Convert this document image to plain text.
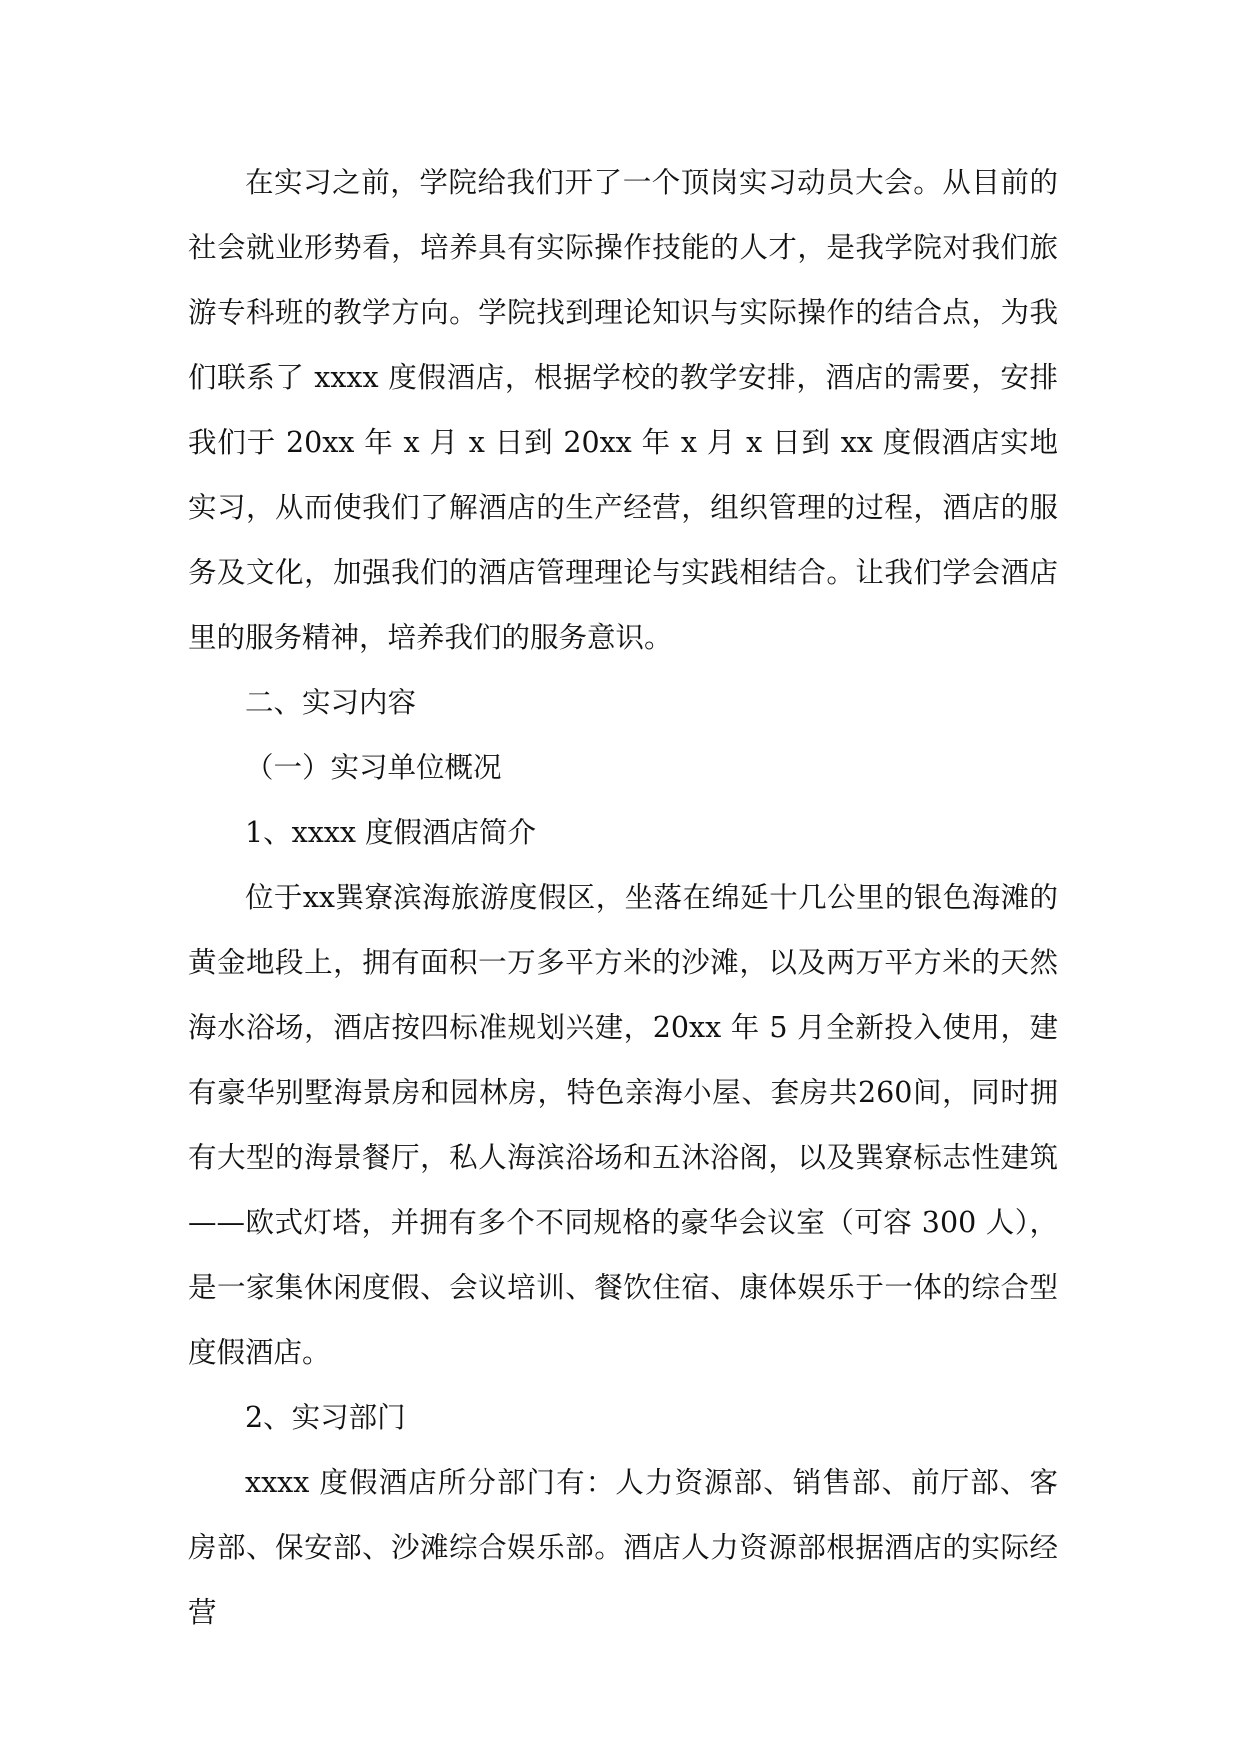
在实习之前，学院给我们开了一个顶岗实习动员大会。从目前的社会就业形势看，培养具有实际操作技能的人才，是我学院对我们旅游专科班的教学方向。学院找到理论知识与实际操作的结合点，为我们联系了 xxxx 度假酒店，根据学校的教学安排，酒店的需要，安排我们于 20xx 年 x 月 x 日到 20xx 年 x 月 x 日到 xx 度假酒店实地实习，从而使我们了解酒店的生产经营，组织管理的过程，酒店的服务及文化，加强我们的酒店管理理论与实践相结合。让我们学会酒店里的服务精神，培养我们的服务意识。

二、实习内容

（一）实习单位概况

1、xxxx 度假酒店简介

位于xx巽寮滨海旅游度假区，坐落在绵延十几公里的银色海滩的黄金地段上，拥有面积一万多平方米的沙滩，以及两万平方米的天然海水浴场，酒店按四标准规划兴建，20xx 年 5 月全新投入使用，建有豪华别墅海景房和园林房，特色亲海小屋、套房共260间，同时拥有大型的海景餐厅，私人海滨浴场和五沐浴阁，以及巽寮标志性建筑——欧式灯塔，并拥有多个不同规格的豪华会议室（可容 300 人），是一家集休闲度假、会议培训、餐饮住宿、康体娱乐于一体的综合型度假酒店。

2、实习部门

xxxx 度假酒店所分部门有：人力资源部、销售部、前厅部、客房部、保安部、沙滩综合娱乐部。酒店人力资源部根据酒店的实际经营
